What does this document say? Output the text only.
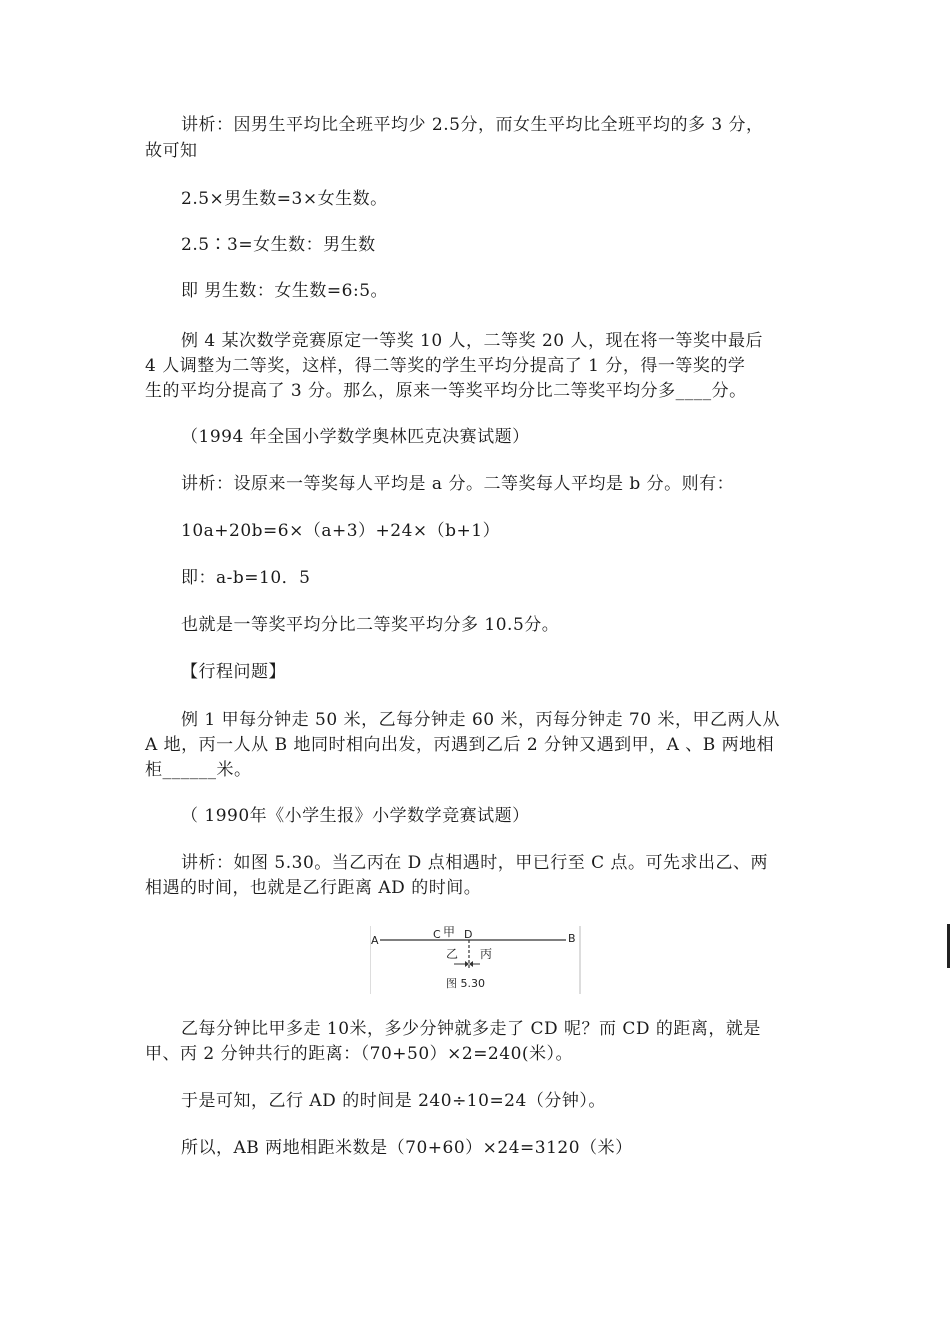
讲析：因男生平均比全班平均少 2.5分，而女生平均比全班平均的多 3 分，
故可知
2.5×男生数=3×女生数。
2.5∶3=女生数：男生数
即 男生数：女生数=6:5。
例 4 某次数学竞赛原定一等奖 10 人，二等奖 20 人，现在将一等奖中最后
4 人调整为二等奖，这样，得二等奖的学生平均分提高了 1 分，得一等奖的学
生的平均分提高了 3 分。那么，原来一等奖平均分比二等奖平均分多____分。
（1994 年全国小学数学奥林匹克决赛试题）
讲析：设原来一等奖每人平均是 a 分。二等奖每人平均是 b 分。则有：
10a+20b=6×（a+3）+24×（b+1）
即：a-b=10．5
也就是一等奖平均分比二等奖平均分多 10.5分。
【行程问题】
例 1 甲每分钟走 50 米，乙每分钟走 60 米，丙每分钟走 70 米，甲乙两人从
A 地，丙一人从 B 地同时相向出发，丙遇到乙后 2 分钟又遇到甲，A 、B 两地相
柜______米。
（ 1990年《小学生报》小学数学竞赛试题）
讲析：如图 5.30。当乙丙在 D 点相遇时，甲已行至 C 点。可先求出乙、两
相遇的时间，也就是乙行距离 AD 的时间。
A	B
C 甲 D
乙 丙
图 5.30
乙每分钟比甲多走 10米，多少分钟就多走了 CD 呢？而 CD 的距离，就是
甲、丙 2 分钟共行的距离：（70+50）×2=240(米）。
于是可知，乙行 AD 的时间是 240÷10=24（分钟）。
所以，AB 两地相距米数是（70+60）×24=3120（米）
